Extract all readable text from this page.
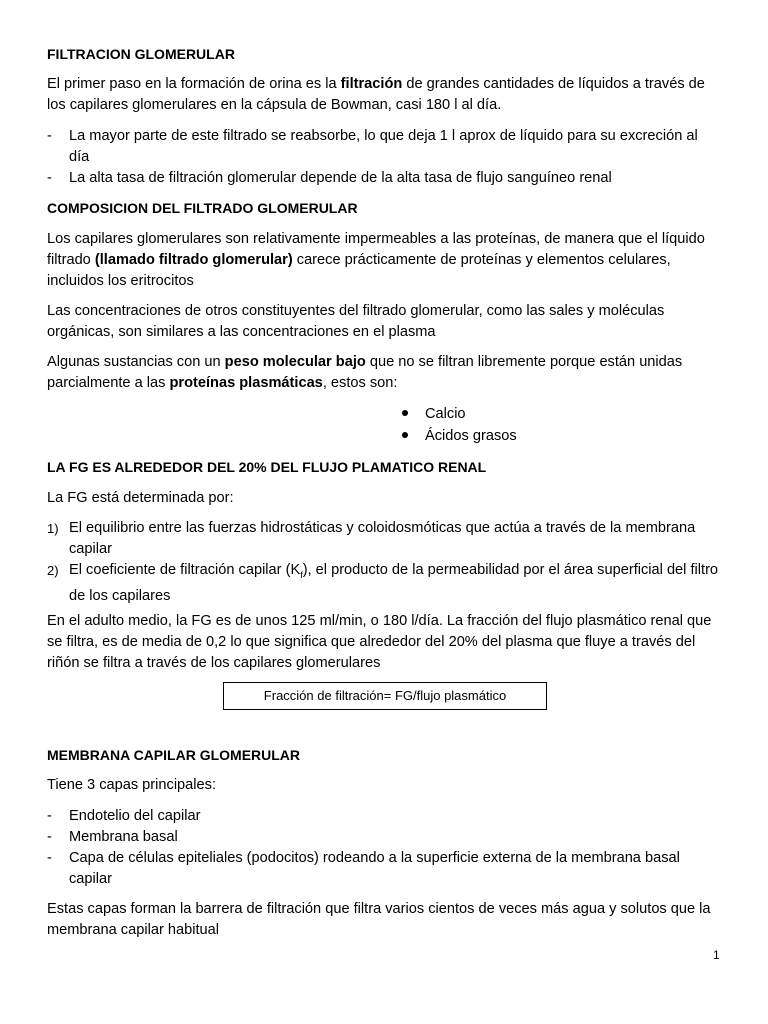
FILTRACION GLOMERULAR

El primer paso en la formación de orina es la filtración de grandes cantidades de líquidos a través de los capilares glomerulares en la cápsula de Bowman, casi 180 l al día.

- La mayor parte de este filtrado se reabsorbe, lo que deja 1 l aprox de líquido para su excreción al día
- La alta tasa de filtración glomerular depende de la alta tasa de flujo sanguíneo renal
COMPOSICION DEL FILTRADO GLOMERULAR

Los capilares glomerulares son relativamente impermeables a las proteínas, de manera que el líquido filtrado (llamado filtrado glomerular) carece prácticamente de proteínas y elementos celulares, incluidos los eritrocitos

Las concentraciones de otros constituyentes del filtrado glomerular, como las sales y moléculas orgánicas, son similares a las concentraciones en el plasma

Algunas sustancias con un peso molecular bajo que no se filtran libremente porque están unidas parcialmente a las proteínas plasmáticas, estos son:

Calcio
Ácidos grasos
LA FG ES ALREDEDOR DEL 20% DEL FLUJO PLAMATICO RENAL

La FG está determinada por:

1) El equilibrio entre las fuerzas hidrostáticas y coloidosmóticas que actúa a través de la membrana capilar
2) El coeficiente de filtración capilar $(K_f)$, el producto de la permeabilidad por el área superficial del filtro de los capilares

En el adulto medio, la FG es de unos 125 ml/min, o 180 l/día. La fracción del flujo plasmático renal que se filtra, es de media de 0,2 lo que significa que alrededor del 20% del plasma que fluye a través del riñón se filtra a través de los capilares glomerulares

Fracción de filtración= FG/flujo plasmático
MEMBRANA CAPILAR GLOMERULAR

Tiene 3 capas principales:

- Endotelio del capilar
- Membrana basal
- Capa de células epiteliales (podocitos) rodeando a la superficie externa de la membrana basal capilar

Estas capas forman la barrera de filtración que filtra varios cientos de veces más agua y solutos que la membrana capilar habitual

1
